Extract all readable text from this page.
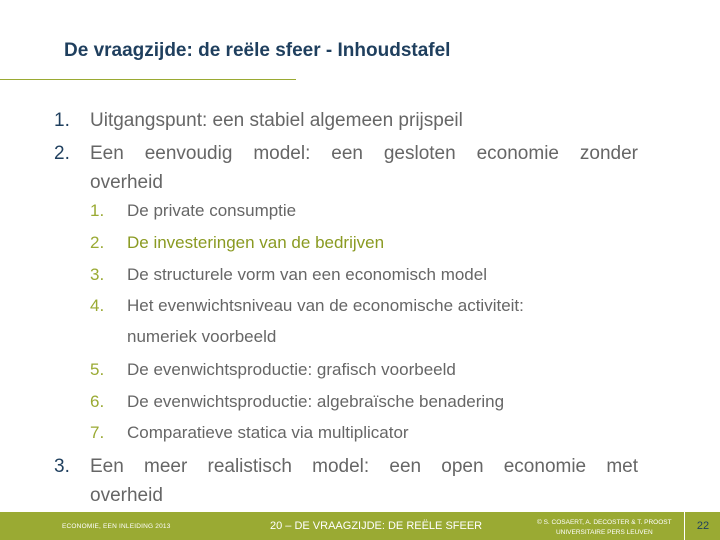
De vraagzijde: de reële sfeer - Inhoudstafel
1. Uitgangspunt: een stabiel algemeen prijspeil
2. Een eenvoudig model: een gesloten economie zonder
overheid
1. De private consumptie
2. De investeringen van de bedrijven
3. De structurele vorm van een economisch model
4. Het evenwichtsniveau van de economische activiteit:
numeriek voorbeeld
5. De evenwichtsproductie: grafisch voorbeeld
6. De evenwichtsproductie: algebraïsche benadering
7. Comparatieve statica via multiplicator
3. Een meer realistisch model: een open economie met
overheid
ECONOMIE, EEN INLEIDING 2013	20 – DE VRAAGZIJDE: DE REËLE SFEER	© S. COSAERT, A. DECOSTER & T. PROOST
UNIVERSITAIRE PERS LEUVEN
22
